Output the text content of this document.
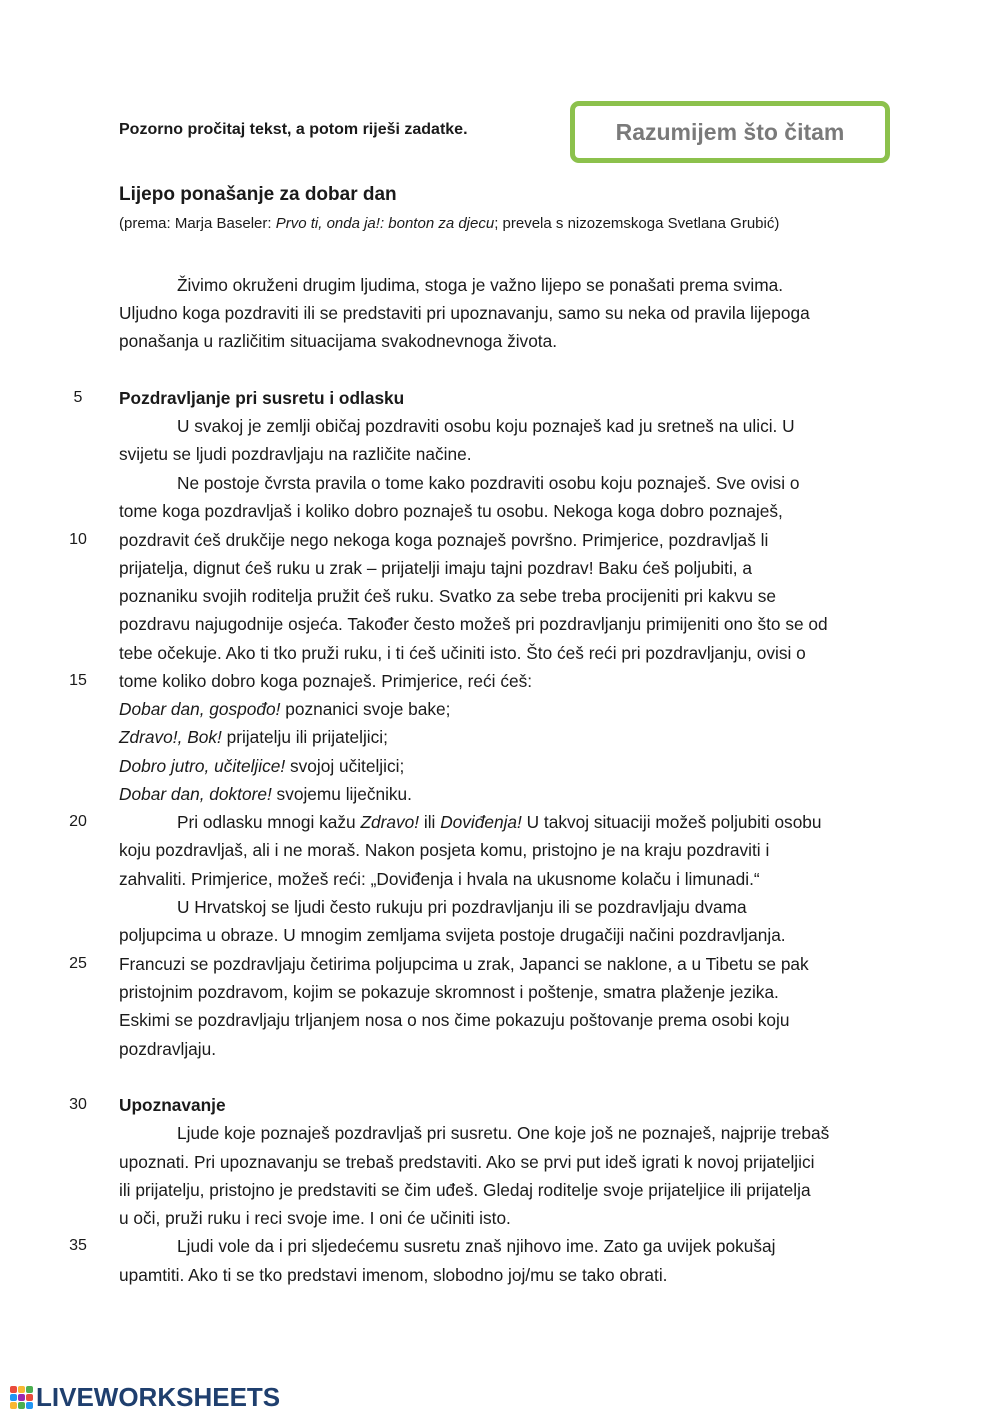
Pozorno pročitaj tekst, a potom riješi zadatke.	Razumijem što čitam
Lijepo ponašanje za dobar dan
(prema: Marja Baseler: Prvo ti, onda ja!: bonton za djecu; prevela s nizozemskoga Svetlana Grubić)
Živimo okruženi drugim ljudima, stoga je važno lijepo se ponašati prema svima.
Uljudno koga pozdraviti ili se predstaviti pri upoznavanju, samo su neka od pravila lijepoga
ponašanja u različitim situacijama svakodnevnoga života.
Pozdravljanje pri susretu i odlasku
U svakoj je zemlji običaj pozdraviti osobu koju poznaješ kad ju sretneš na ulici. U
svijetu se ljudi pozdravljaju na različite načine.
Ne postoje čvrsta pravila o tome kako pozdraviti osobu koju poznaješ. Sve ovisi o
tome koga pozdravljaš i koliko dobro poznaješ tu osobu. Nekoga koga dobro poznaješ,
pozdravit ćeš drukčije nego nekoga koga poznaješ površno. Primjerice, pozdravljaš li
prijatelja, dignut ćeš ruku u zrak – prijatelji imaju tajni pozdrav! Baku ćeš poljubiti, a
poznaniku svojih roditelja pružit ćeš ruku. Svatko za sebe treba procijeniti pri kakvu se
pozdravu najugodnije osjeća. Također često možeš pri pozdravljanju primijeniti ono što se od
tebe očekuje. Ako ti tko pruži ruku, i ti ćeš učiniti isto. Što ćeš reći pri pozdravljanju, ovisi o
tome koliko dobro koga poznaješ. Primjerice, reći ćeš:
Dobar dan, gospođo! poznanici svoje bake;
Zdravo!, Bok! prijatelju ili prijateljici;
Dobro jutro, učiteljice! svojoj učiteljici;
Dobar dan, doktore! svojemu liječniku.
Pri odlasku mnogi kažu Zdravo! ili Doviđenja! U takvoj situaciji možeš poljubiti osobu
koju pozdravljaš, ali i ne moraš. Nakon posjeta komu, pristojno je na kraju pozdraviti i
zahvaliti. Primjerice, možeš reći: „Doviđenja i hvala na ukusnome kolaču i limunadi.“
U Hrvatskoj se ljudi često rukuju pri pozdravljanju ili se pozdravljaju dvama
poljupcima u obraze. U mnogim zemljama svijeta postoje drugačiji načini pozdravljanja.
Francuzi se pozdravljaju četirima poljupcima u zrak, Japanci se naklone, a u Tibetu se pak
pristojnim pozdravom, kojim se pokazuje skromnost i poštenje, smatra plaženje jezika.
Eskimi se pozdravljaju trljanjem nosa o nos čime pokazuju poštovanje prema osobi koju
pozdravljaju.
Upoznavanje
Ljude koje poznaješ pozdravljaš pri susretu. One koje još ne poznaješ, najprije trebaš
upoznati. Pri upoznavanju se trebaš predstaviti. Ako se prvi put ideš igrati k novoj prijateljici
ili prijatelju, pristojno je predstaviti se čim uđeš. Gledaj roditelje svoje prijateljice ili prijatelja
u oči, pruži ruku i reci svoje ime. I oni će učiniti isto.
Ljudi vole da i pri sljedećemu susretu znaš njihovo ime. Zato ga uvijek pokušaj
upamtiti. Ako ti se tko predstavi imenom, slobodno joj/mu se tako obrati.
5
10
15
20
25
30
35
LIVEWORKSHEETS
